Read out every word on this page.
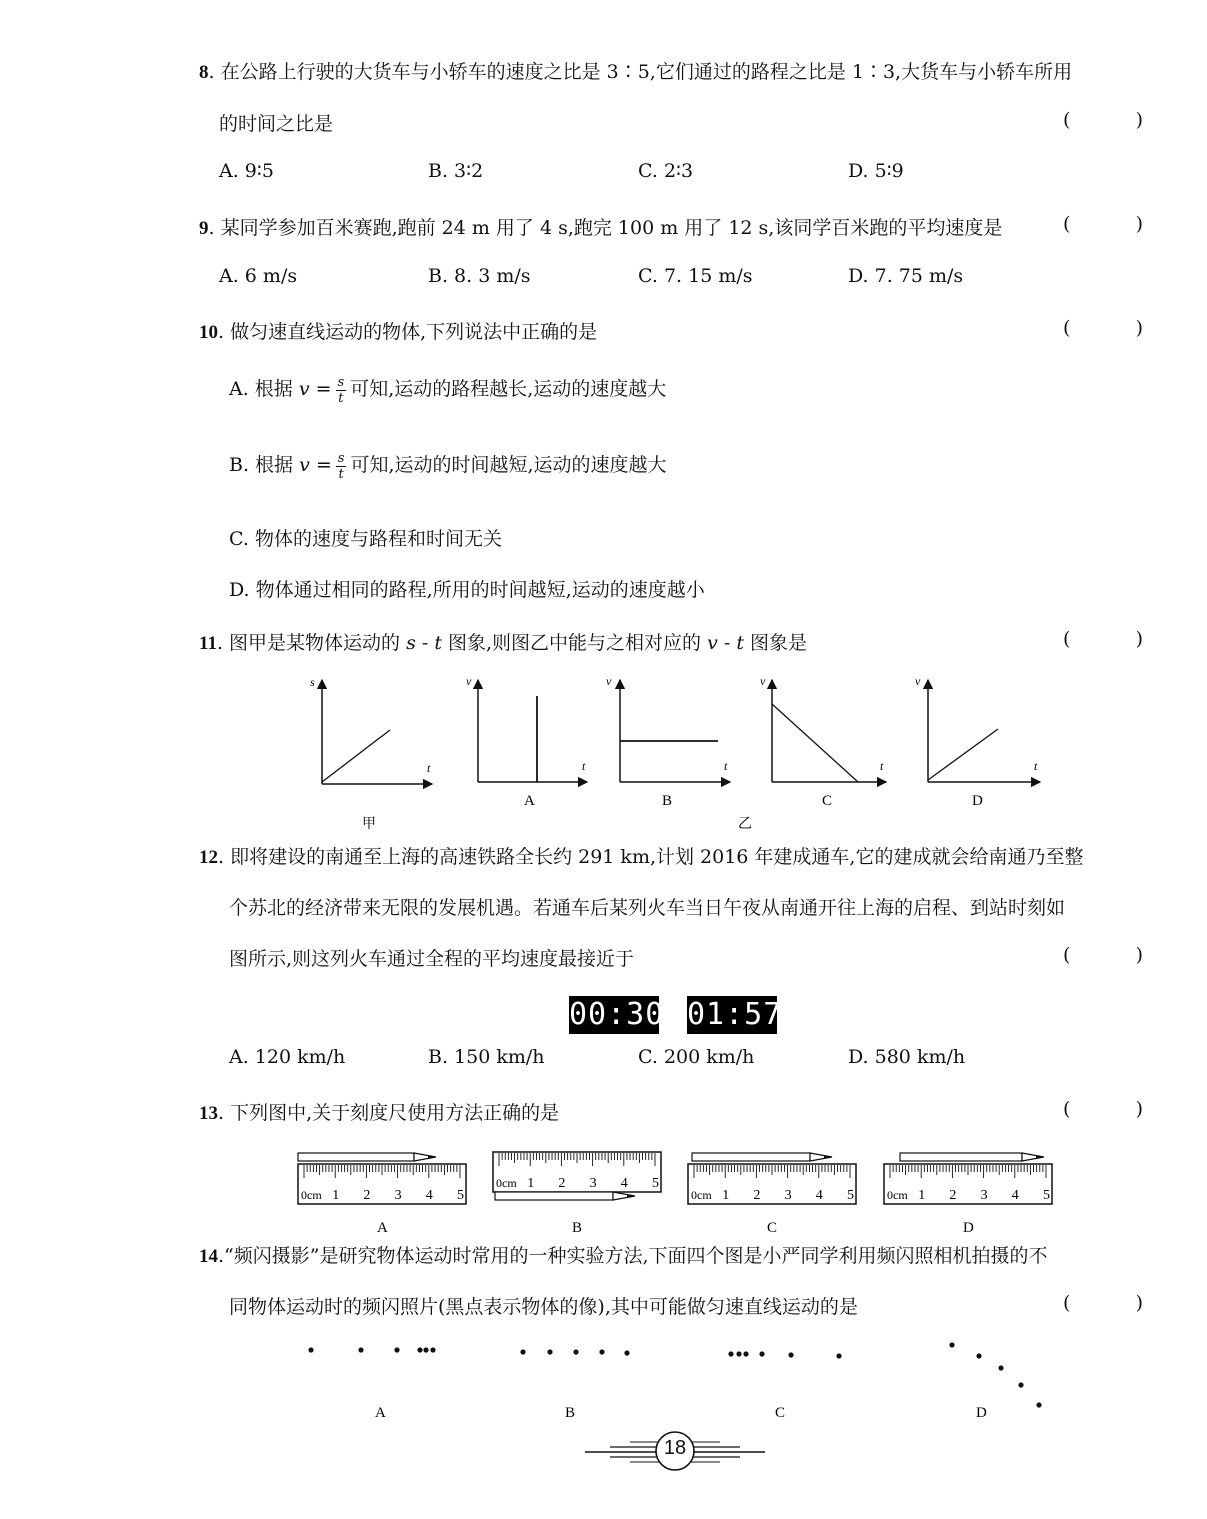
8. 在公路上行驶的大货车与小轿车的速度之比是 3∶5,它们通过的路程之比是 1∶3,大货车与小轿车所用
的时间之比是	(	)
A. 9∶5	B. 3∶2	C. 2∶3	D. 5∶9
9. 某同学参加百米赛跑,跑前 24 m 用了 4 s,跑完 100 m 用了 12 s,该同学百米跑的平均速度是	(	)
A. 6 m/s	B. 8. 3 m/s	C. 7. 15 m/s	D. 7. 75 m/s
10. 做匀速直线运动的物体,下列说法中正确的是	(	)
A. 根据 $v = \frac{s}{t}$ 可知,运动的路程越长,运动的速度越大
B. 根据 $v = \frac{s}{t}$ 可知,运动的时间越短,运动的速度越大
C. 物体的速度与路程和时间无关
D. 物体通过相同的路程,所用的时间越短,运动的速度越小
11. 图甲是某物体运动的 s - t 图象,则图乙中能与之相对应的 v - t 图象是	(	)
s
t
v
t
A
v
t
B
v
t
C
v
t
D
甲	乙
12. 即将建设的南通至上海的高速铁路全长约 291 km,计划 2016 年建成通车,它的建成就会给南通乃至整
个苏北的经济带来无限的发展机遇。若通车后某列火车当日午夜从南通开往上海的启程、到站时刻如
图所示,则这列火车通过全程的平均速度最接近于	(	)
00:30 01:57
A. 120 km/h	B. 150 km/h	C. 200 km/h	D. 580 km/h
13. 下列图中,关于刻度尺使用方法正确的是	(	)
0cm 1 2 3 4 5
A
0cm 1 2 3 4 5
B
0cm 1 2 3 4 5
C
0cm 1 2 3 4 5
D
14.“频闪摄影”是研究物体运动时常用的一种实验方法,下面四个图是小严同学利用频闪照相机拍摄的不
同物体运动时的频闪照片(黑点表示物体的像),其中可能做匀速直线运动的是	(	)
A	B	C	D
18
